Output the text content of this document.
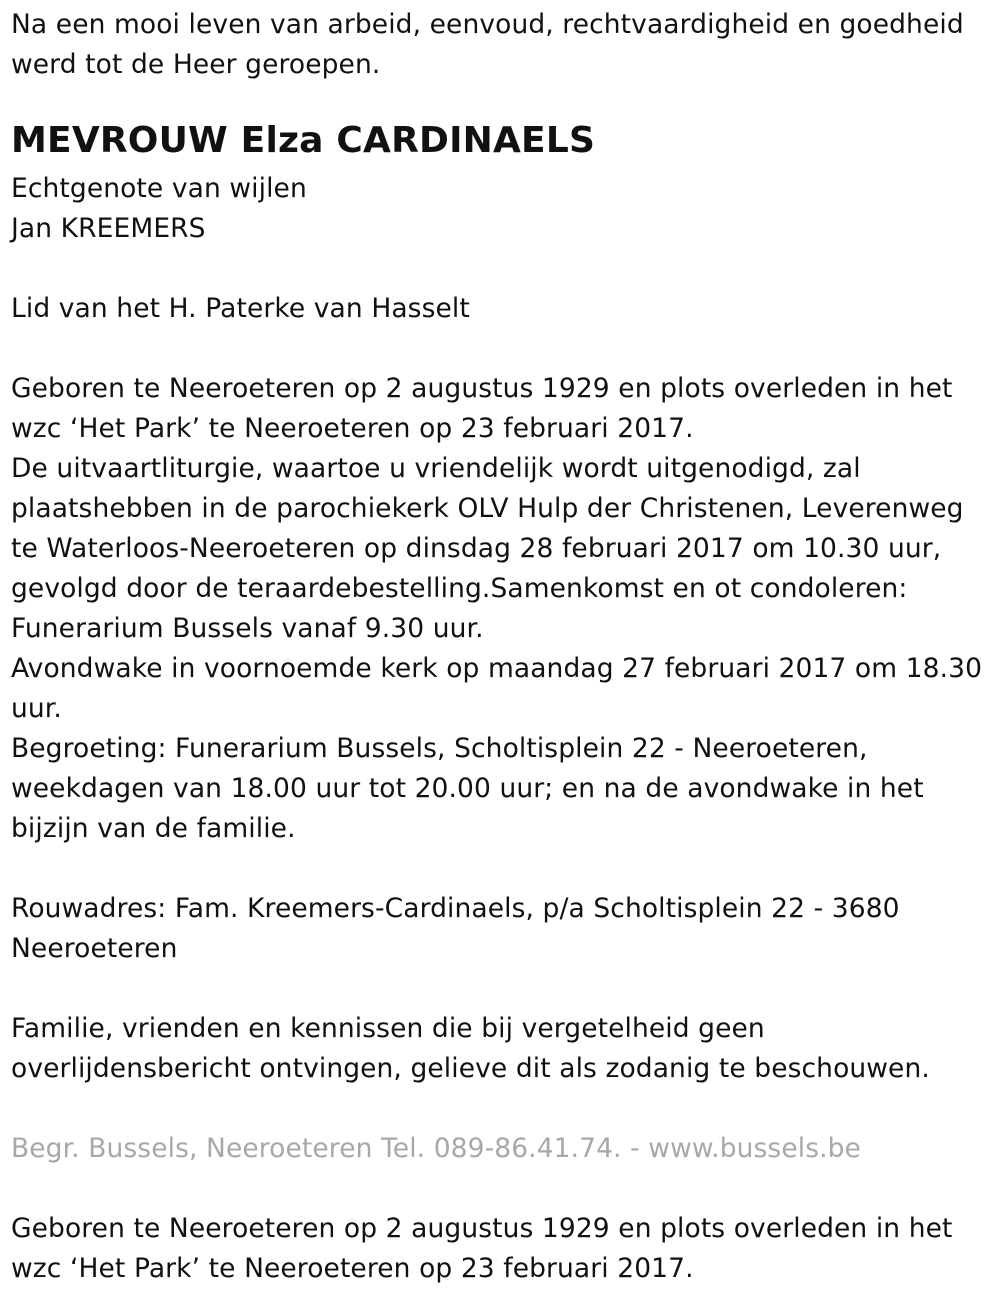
Na een mooi leven van arbeid, eenvoud, rechtvaardigheid en goedheid
werd tot de Heer geroepen.
MEVROUW Elza CARDINAELS
Echtgenote van wijlen
Jan KREEMERS
Lid van het H. Paterke van Hasselt
Geboren te Neeroeteren op 2 augustus 1929 en plots overleden in het
wzc ‘Het Park’ te Neeroeteren op 23 februari 2017.
De uitvaartliturgie, waartoe u vriendelijk wordt uitgenodigd, zal
plaatshebben in de parochiekerk OLV Hulp der Christenen, Leverenweg
te Waterloos-Neeroeteren op dinsdag 28 februari 2017 om 10.30 uur,
gevolgd door de teraardebestelling.Samenkomst en ot condoleren:
Funerarium Bussels vanaf 9.30 uur.
Avondwake in voornoemde kerk op maandag 27 februari 2017 om 18.30
uur.
Begroeting: Funerarium Bussels, Scholtisplein 22 - Neeroeteren,
weekdagen van 18.00 uur tot 20.00 uur; en na de avondwake in het
bijzijn van de familie.
Rouwadres: Fam. Kreemers-Cardinaels, p/a Scholtisplein 22 - 3680
Neeroeteren
Familie, vrienden en kennissen die bij vergetelheid geen
overlijdensbericht ontvingen, gelieve dit als zodanig te beschouwen.
Begr. Bussels, Neeroeteren Tel. 089-86.41.74. - www.bussels.be
Geboren te Neeroeteren op 2 augustus 1929 en plots overleden in het
wzc ‘Het Park’ te Neeroeteren op 23 februari 2017.
